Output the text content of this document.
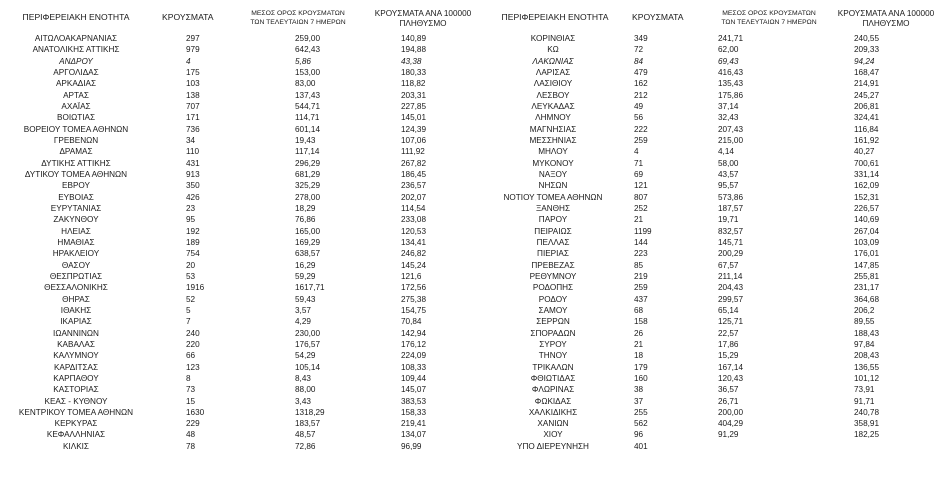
ΠΕΡΙΦΕΡΕΙΑΚΗ ΕΝΟΤΗΤΑ	ΚΡΟΥΣΜΑΤΑ	ΜΕΣΟΣ ΟΡΟΣ ΚΡΟΥΣΜΑΤΩΝ
ΤΩΝ ΤΕΛΕΥΤΑΙΩΝ 7 ΗΜΕΡΩΝ
ΚΡΟΥΣΜΑΤΑ ΑΝΑ 100000
ΠΛΗΘΥΣΜΟ
ΑΙΤΩΛΟΑΚΑΡΝΑΝΙΑΣ	297	259,00	140,89
ΑΝΑΤΟΛΙΚΗΣ ΑΤΤΙΚΗΣ	979	642,43	194,88
ΑΝΔΡΟΥ	4	5,86	43,38
ΑΡΓΟΛΙΔΑΣ	175	153,00	180,33
ΑΡΚΑΔΙΑΣ	103	83,00	118,82
ΑΡΤΑΣ	138	137,43	203,31
ΑΧΑΪΑΣ	707	544,71	227,85
ΒΟΙΩΤΙΑΣ	171	114,71	145,01
ΒΟΡΕΙΟΥ ΤΟΜΕΑ ΑΘΗΝΩΝ	736	601,14	124,39
ΓΡΕΒΕΝΩΝ	34	19,43	107,06
ΔΡΑΜΑΣ	110	117,14	111,92
ΔΥΤΙΚΗΣ ΑΤΤΙΚΗΣ	431	296,29	267,82
ΔΥΤΙΚΟΥ ΤΟΜΕΑ ΑΘΗΝΩΝ	913	681,29	186,45
ΕΒΡΟΥ	350	325,29	236,57
ΕΥΒΟΙΑΣ	426	278,00	202,07
ΕΥΡΥΤΑΝΙΑΣ	23	18,29	114,54
ΖΑΚΥΝΘΟΥ	95	76,86	233,08
ΗΛΕΙΑΣ	192	165,00	120,53
ΗΜΑΘΙΑΣ	189	169,29	134,41
ΗΡΑΚΛΕΙΟΥ	754	638,57	246,82
ΘΑΣΟΥ	20	16,29	145,24
ΘΕΣΠΡΩΤΙΑΣ	53	59,29	121,6
ΘΕΣΣΑΛΟΝΙΚΗΣ	1916	1617,71	172,56
ΘΗΡΑΣ	52	59,43	275,38
ΙΘΑΚΗΣ	5	3,57	154,75
ΙΚΑΡΙΑΣ	7	4,29	70,84
ΙΩΑΝΝΙΝΩΝ	240	230,00	142,94
ΚΑΒΑΛΑΣ	220	176,57	176,12
ΚΑΛΥΜΝΟΥ	66	54,29	224,09
ΚΑΡΔΙΤΣΑΣ	123	105,14	108,33
ΚΑΡΠΑΘΟΥ	8	8,43	109,44
ΚΑΣΤΟΡΙΑΣ	73	88,00	145,07
ΚΕΑΣ - ΚΥΘΝΟΥ	15	3,43	383,53
ΚΕΝΤΡΙΚΟΥ ΤΟΜΕΑ ΑΘΗΝΩΝ	1630	1318,29	158,33
ΚΕΡΚΥΡΑΣ	229	183,57	219,41
ΚΕΦΑΛΛΗΝΙΑΣ	48	48,57	134,07
ΚΙΛΚΙΣ	78	72,86	96,99
ΠΕΡΙΦΕΡΕΙΑΚΗ ΕΝΟΤΗΤΑ	ΚΡΟΥΣΜΑΤΑ	ΜΕΣΟΣ ΟΡΟΣ ΚΡΟΥΣΜΑΤΩΝ
ΤΩΝ ΤΕΛΕΥΤΑΙΩΝ 7 ΗΜΕΡΩΝ
ΚΡΟΥΣΜΑΤΑ ΑΝΑ 100000
ΠΛΗΘΥΣΜΟ
ΚΟΡΙΝΘΙΑΣ	349	241,71	240,55
ΚΩ	72	62,00	209,33
ΛΑΚΩΝΙΑΣ	84	69,43	94,24
ΛΑΡΙΣΑΣ	479	416,43	168,47
ΛΑΣΙΘΙΟΥ	162	135,43	214,91
ΛΕΣΒΟΥ	212	175,86	245,27
ΛΕΥΚΑΔΑΣ	49	37,14	206,81
ΛΗΜΝΟΥ	56	32,43	324,41
ΜΑΓΝΗΣΙΑΣ	222	207,43	116,84
ΜΕΣΣΗΝΙΑΣ	259	215,00	161,92
ΜΗΛΟΥ	4	4,14	40,27
ΜΥΚΟΝΟΥ	71	58,00	700,61
ΝΑΞΟΥ	69	43,57	331,14
ΝΗΣΩΝ	121	95,57	162,09
ΝΟΤΙΟΥ ΤΟΜΕΑ ΑΘΗΝΩΝ	807	573,86	152,31
ΞΑΝΘΗΣ	252	187,57	226,57
ΠΑΡΟΥ	21	19,71	140,69
ΠΕΙΡΑΙΩΣ	1199	832,57	267,04
ΠΕΛΛΑΣ	144	145,71	103,09
ΠΙΕΡΙΑΣ	223	200,29	176,01
ΠΡΕΒΕΖΑΣ	85	67,57	147,85
ΡΕΘΥΜΝΟΥ	219	211,14	255,81
ΡΟΔΟΠΗΣ	259	204,43	231,17
ΡΟΔΟΥ	437	299,57	364,68
ΣΑΜΟΥ	68	65,14	206,2
ΣΕΡΡΩΝ	158	125,71	89,55
ΣΠΟΡΑΔΩΝ	26	22,57	188,43
ΣΥΡΟΥ	21	17,86	97,84
ΤΗΝΟΥ	18	15,29	208,43
ΤΡΙΚΑΛΩΝ	179	167,14	136,55
ΦΘΙΩΤΙΔΑΣ	160	120,43	101,12
ΦΛΩΡΙΝΑΣ	38	36,57	73,91
ΦΩΚΙΔΑΣ	37	26,71	91,71
ΧΑΛΚΙΔΙΚΗΣ	255	200,00	240,78
ΧΑΝΙΩΝ	562	404,29	358,91
ΧΙΟΥ	96	91,29	182,25
ΥΠΟ ΔΙΕΡΕΥΝΗΣΗ	401
